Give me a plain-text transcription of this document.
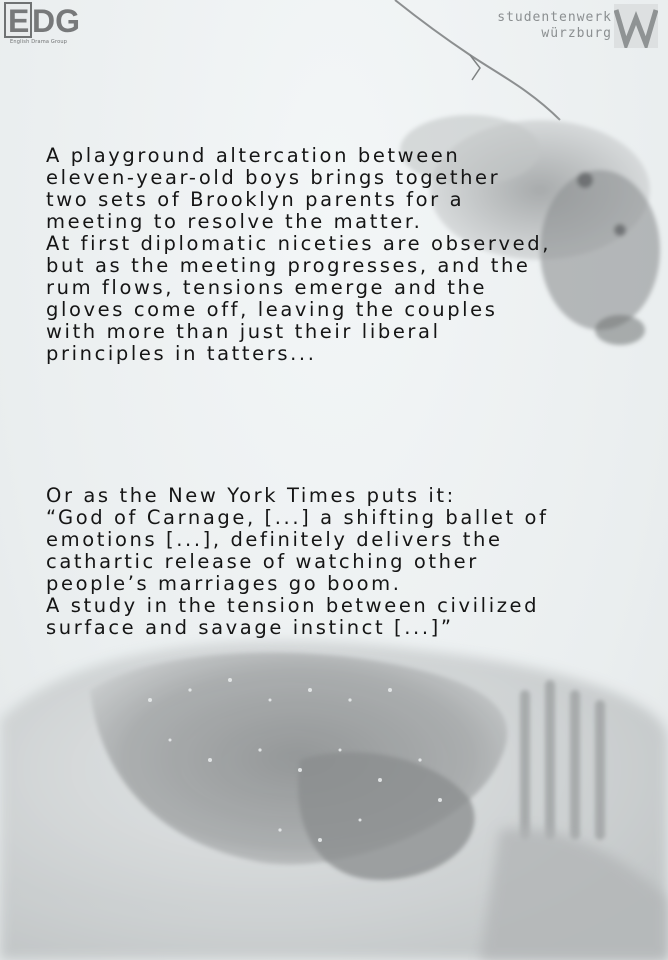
E DG
English Drama Group
studentenwerk
würzburg
A playground altercation between
eleven-year-old boys brings together
two sets of Brooklyn parents for a
meeting to resolve the matter.
At first diplomatic niceties are observed,
but as the meeting progresses, and the
rum flows, tensions emerge and the
gloves come off, leaving the couples
with more than just their liberal
principles in tatters...
Or as the New York Times puts it:
“God of Carnage, [...] a shifting ballet of
emotions [...], definitely delivers the
cathartic release of watching other
people’s marriages go boom.
A study in the tension between civilized
surface and savage instinct [...]”
